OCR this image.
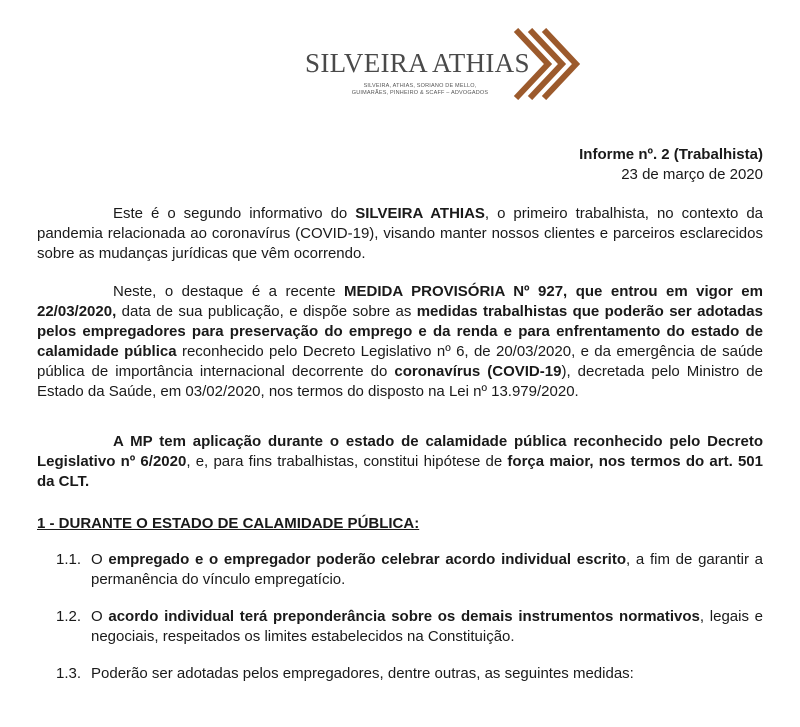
SILVEIRA ATHIAS
SILVEIRA, ATHIAS, SORIANO DE MELLO,
GUIMARÃES, PINHEIRO & SCAFF – ADVOGADOS
Informe nº. 2 (Trabalhista)
23 de março de 2020
Este é o segundo informativo do SILVEIRA ATHIAS, o primeiro trabalhista, no contexto da pandemia relacionada ao coronavírus (COVID-19), visando manter nossos clientes e parceiros esclarecidos sobre as mudanças jurídicas que vêm ocorrendo.
Neste, o destaque é a recente MEDIDA PROVISÓRIA Nº 927, que entrou em vigor em 22/03/2020, data de sua publicação, e dispõe sobre as medidas trabalhistas que poderão ser adotadas pelos empregadores para preservação do emprego e da renda e para enfrentamento do estado de calamidade pública reconhecido pelo Decreto Legislativo nº 6, de 20/03/2020, e da emergência de saúde pública de importância internacional decorrente do coronavírus (COVID-19), decretada pelo Ministro de Estado da Saúde, em 03/02/2020, nos termos do disposto na Lei nº 13.979/2020.
A MP tem aplicação durante o estado de calamidade pública reconhecido pelo Decreto Legislativo nº 6/2020, e, para fins trabalhistas, constitui hipótese de força maior, nos termos do art. 501 da CLT.
1 - DURANTE O ESTADO DE CALAMIDADE PÚBLICA:
1.1. O empregado e o empregador poderão celebrar acordo individual escrito, a fim de garantir a permanência do vínculo empregatício.
1.2. O acordo individual terá preponderância sobre os demais instrumentos normativos, legais e negociais, respeitados os limites estabelecidos na Constituição.
1.3. Poderão ser adotadas pelos empregadores, dentre outras, as seguintes medidas:
